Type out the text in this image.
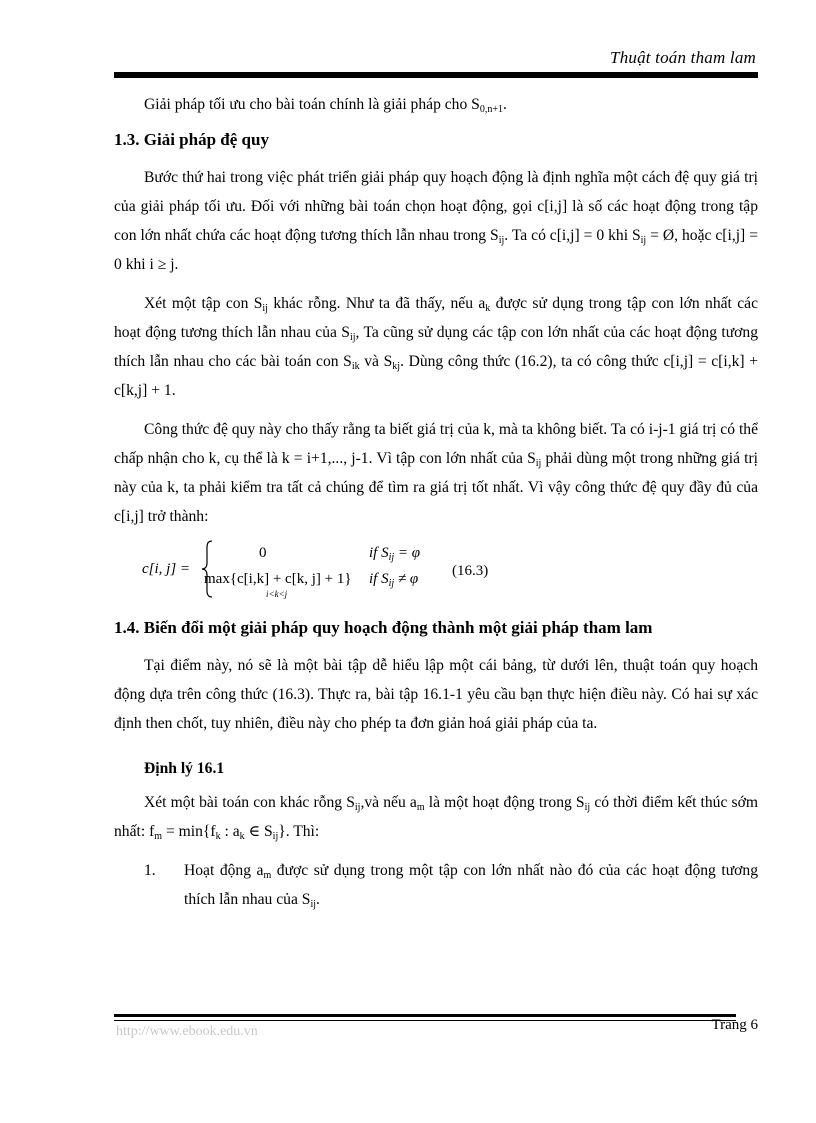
Thuật toán tham lam

Giải pháp tối ưu cho bài toán chính là giải pháp cho $S_{0,n+1}$.

1.3. Giải pháp đệ quy

Bước thứ hai trong việc phát triển giải pháp quy hoạch động là định nghĩa một cách đệ quy giá trị của giải pháp tối ưu. Đối với những bài toán chọn hoạt động, gọi c[i,j] là số các hoạt động trong tập con lớn nhất chứa các hoạt động tương thích lẫn nhau trong $S_{ij}$. Ta có c[i,j] = 0 khi $S_{ij}$ = Ø, hoặc c[i,j] = 0 khi i ≥ j.

Xét một tập con $S_{ij}$ khác rỗng. Như ta đã thấy, nếu $a_k$ được sử dụng trong tập con lớn nhất các hoạt động tương thích lẫn nhau của $S_{ij}$, Ta cũng sử dụng các tập con lớn nhất của các hoạt động tương thích lẫn nhau cho các bài toán con $S_{ik}$ và $S_{kj}$. Dùng công thức (16.2), ta có công thức c[i,j] = c[i,k] + c[k,j] + 1.

Công thức đệ quy này cho thấy rằng ta biết giá trị của k, mà ta không biết. Ta có i-j-1 giá trị có thể chấp nhận cho k, cụ thể là k = i+1,..., j-1. Vì tập con lớn nhất của $S_{ij}$ phải dùng một trong những giá trị này của k, ta phải kiểm tra tất cả chúng để tìm ra giá trị tốt nhất. Vì vậy công thức đệ quy đầy đủ của c[i,j] trở thành:

c[i, j] =
0
max{c[i,k] + c[k, j] + 1}
i<k<j
if $S_{ij} = \varphi$
if $S_{ij} \ne \varphi$ (16.3)
1.4. Biến đổi một giải pháp quy hoạch động thành một giải pháp tham lam

Tại điểm này, nó sẽ là một bài tập dễ hiểu lập một cái bảng, từ dưới lên, thuật toán quy hoạch động dựa trên công thức (16.3). Thực ra, bài tập 16.1-1 yêu cầu bạn thực hiện điều này. Có hai sự xác định then chốt, tuy nhiên, điều này cho phép ta đơn giản hoá giải pháp của ta.

Định lý 16.1

Xét một bài toán con khác rỗng $S_{ij},và$ nếu $a_m$ là một hoạt động trong $S_{ij}$ có thời điểm kết thúc sớm nhất: $f_m = \min\{f_k$ : $a_k$ ∈ $S_{ij}$}. Thì:

1. Hoạt động $a_m$ được sử dụng trong một tập con lớn nhất nào đó của các hoạt động tương thích lẫn nhau của $S_{ij}$.

http://www.ebook.edu.vn	Trang 6
